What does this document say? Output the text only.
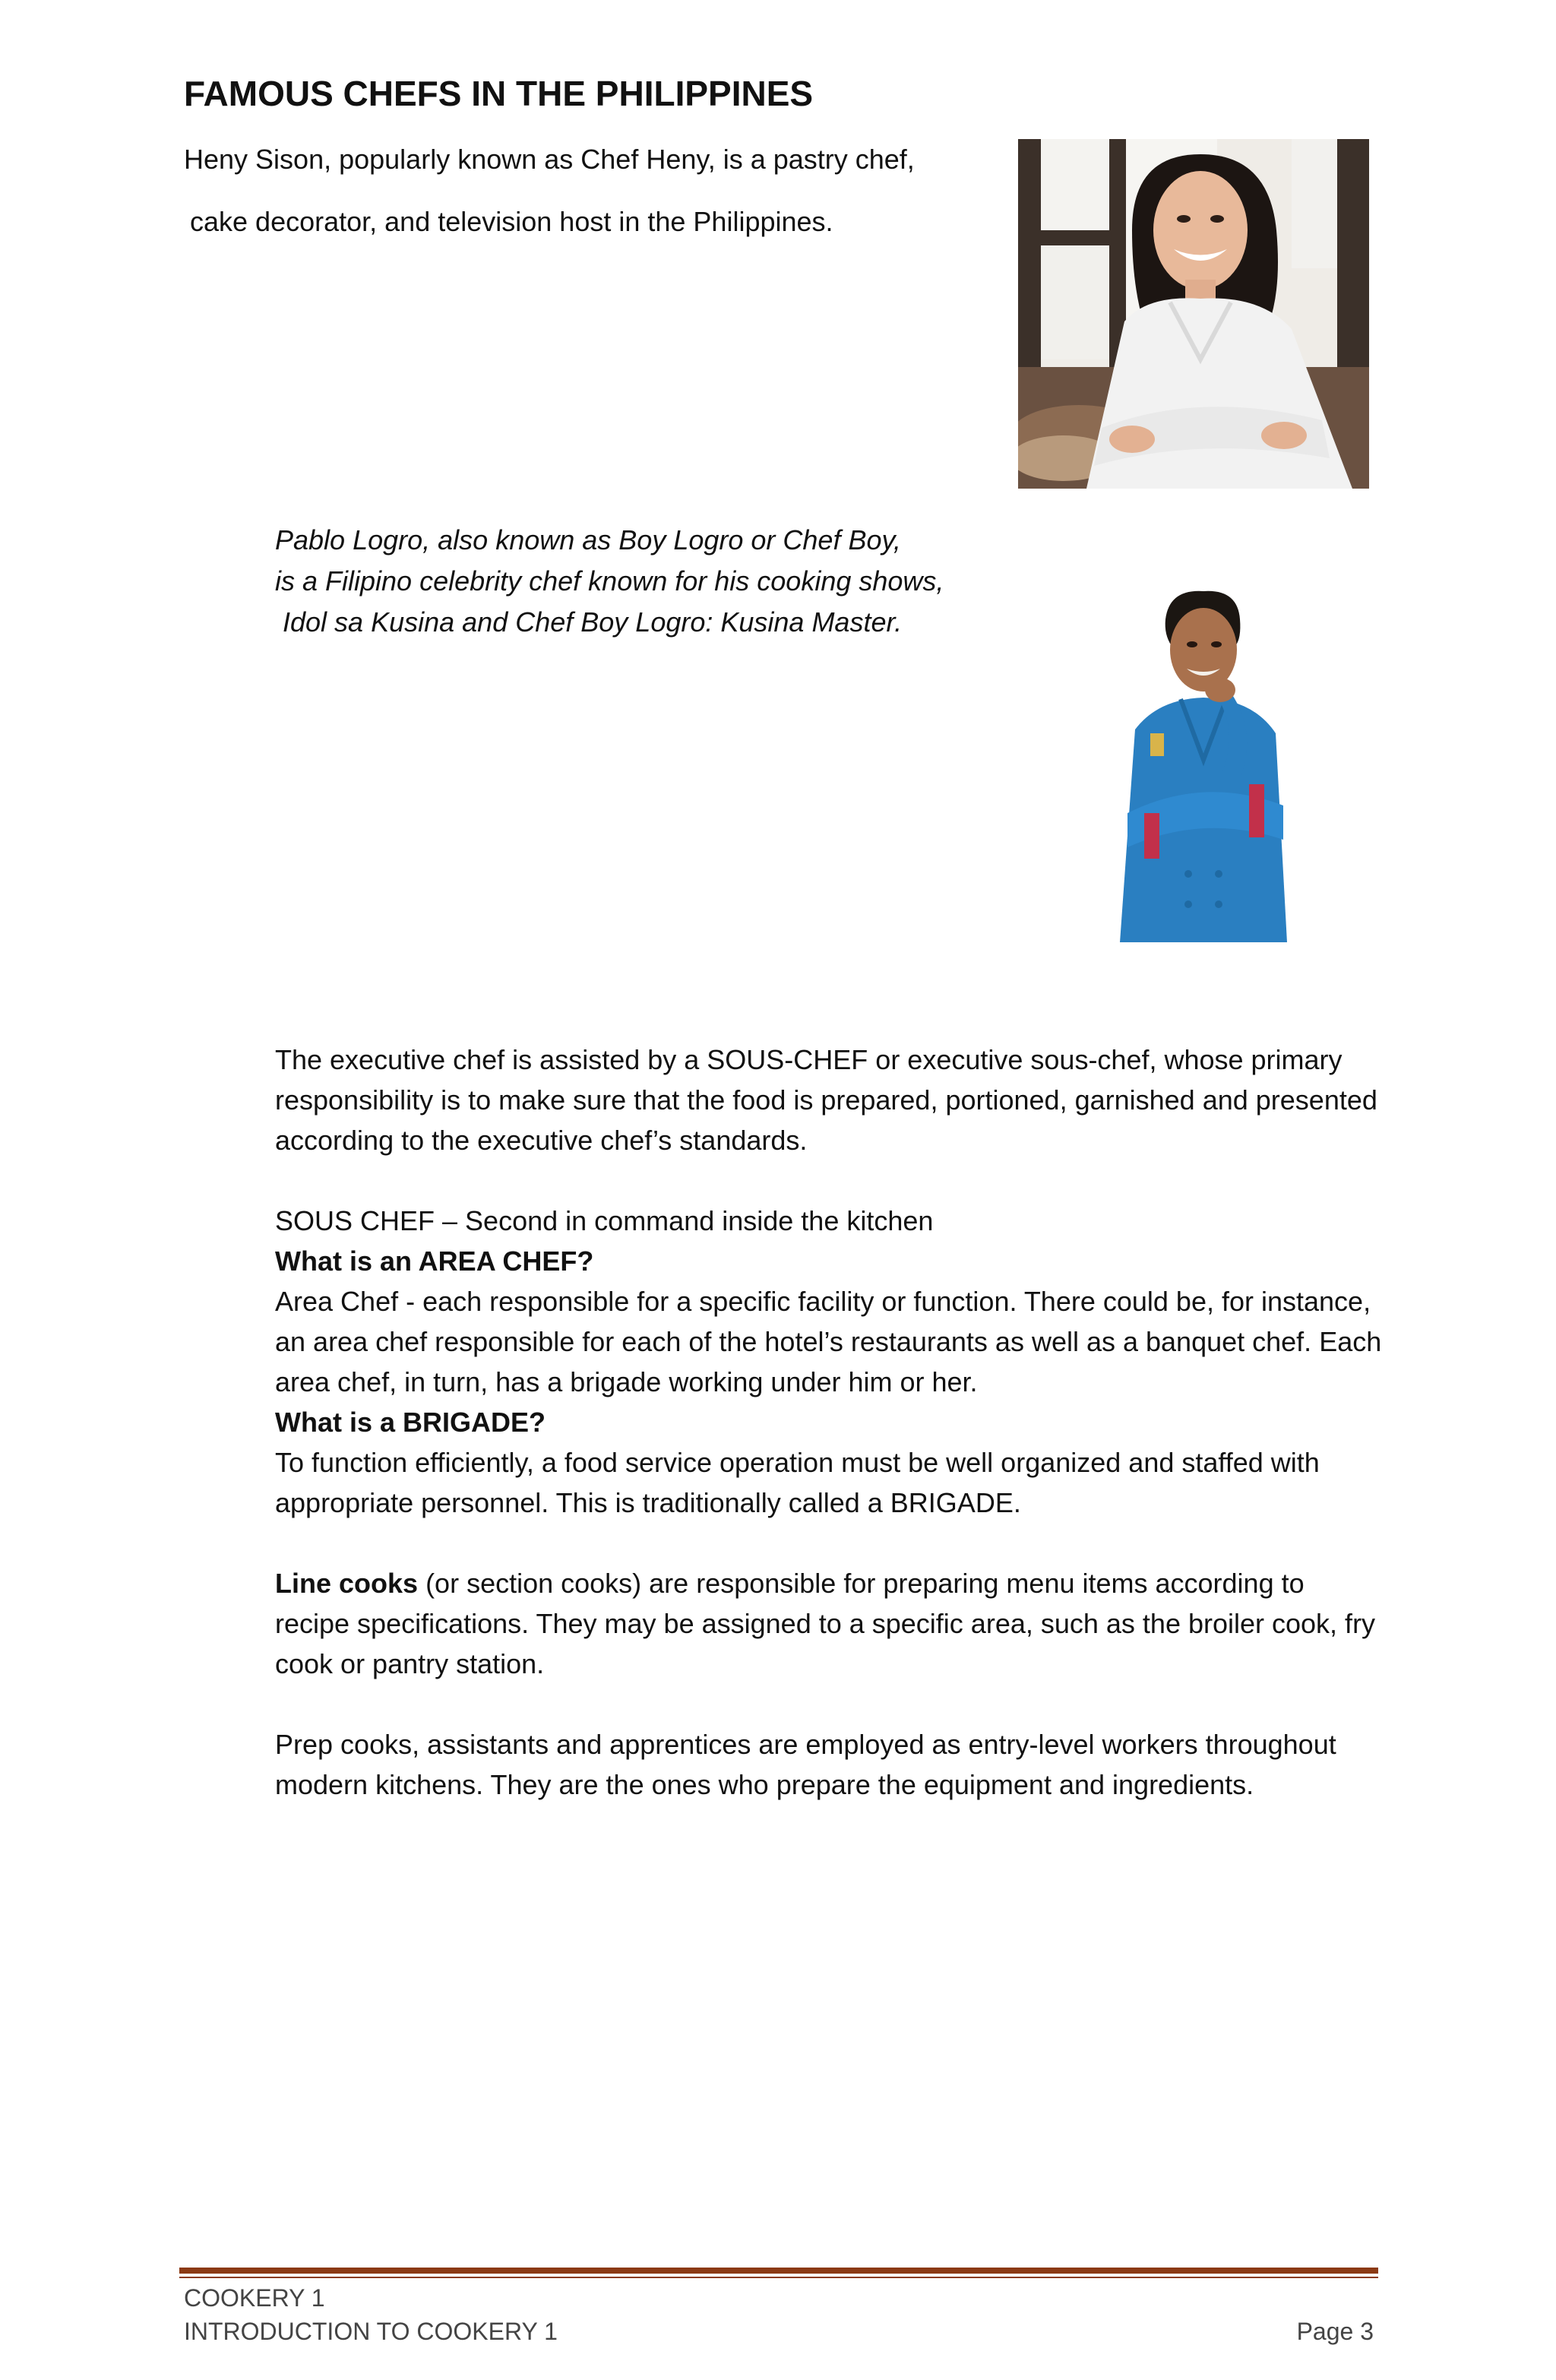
FAMOUS CHEFS IN THE PHILIPPINES

Heny Sison, popularly known as Chef Heny, is a pastry chef,

cake decorator, and television host in the Philippines.

Pablo Logro, also known as Boy Logro or Chef Boy,
is a Filipino celebrity chef known for his cooking shows,
Idol sa Kusina and Chef Boy Logro: Kusina Master.

The executive chef is assisted by a SOUS-CHEF or executive sous-chef, whose primary responsibility is to make sure that the food is prepared, portioned, garnished and presented according to the executive chef’s standards.

SOUS CHEF – Second in command inside the kitchen

What is an AREA CHEF?

Area Chef - each responsible for a specific facility or function. There could be, for instance, an area chef responsible for each of the hotel’s restaurants as well as a banquet chef. Each area chef, in turn, has a brigade working under him or her.

What is a BRIGADE?

To function efficiently, a food service operation must be well organized and staffed with appropriate personnel. This is traditionally called a BRIGADE.

Line cooks (or section cooks) are responsible for preparing menu items according to recipe specifications. They may be assigned to a specific area, such as the broiler cook, fry cook or pantry station.

Prep cooks, assistants and apprentices are employed as entry-level workers throughout modern kitchens. They are the ones who prepare the equipment and ingredients.

COOKERY 1

INTRODUCTION TO COOKERY 1	Page 3
